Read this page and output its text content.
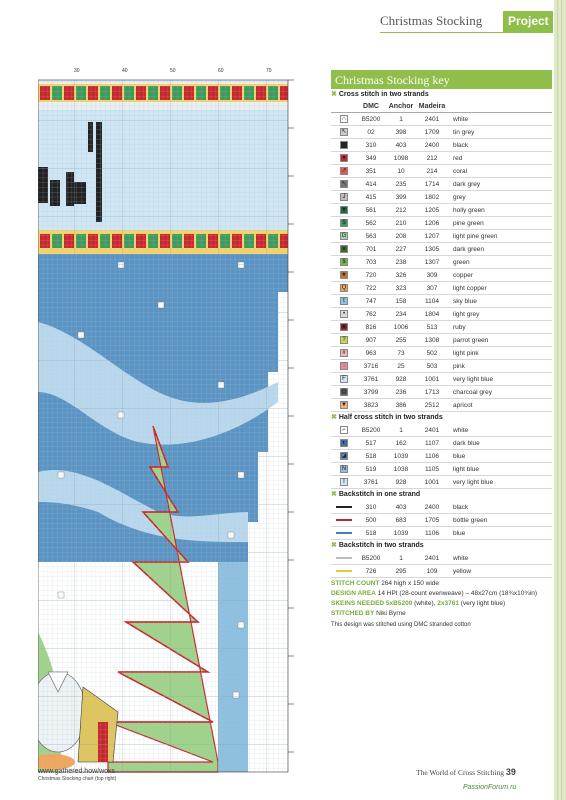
Christmas Stocking	Project
30	40	50	60	70
Christmas Stocking chart (top right)
Christmas Stocking key
✖ Cross stitch in two strands
DMC	Anchor Madeira
∩	B5200	1	2401	white
↖	02	398	1709	tin grey
■	310	403	2400	black
●	349	1098	212	red
↗	351	10	214	coral
↖	414	235	1714	dark grey
J	415	399	1802	grey
▼	561	212	1205	holly green
$	562	210	1206	pine green
G	563	208	1207	light pine green
♦	701	227	1305	dark green
$	703	238	1307	green
★	720	326	309	copper
Q	722	323	307	light copper
t	747	158	1104	sky blue
•	762	234	1804	light grey
▣	816	1006	513	ruby
?	907	255	1308	parrot green
#	963	73	502	light pink
♡	3716	25	503	pink
F	3761	928	1001	very light blue
ʘ	3799	236	1713	charcoal grey
▼	3823	386	2512	apricot
✖ Half cross stitch in two strands
⌐	B5200	1	2401	white
◐	517	162	1107	dark blue
◪	518	1039	1106	blue
N	519	1038	1105	light blue
I	3761	928	1001	very light blue
✖ Backstitch in one strand
310	403	2400	black
500	683	1705	bottle green
518	1039	1106	blue
✖ Backstitch in two strands
B5200	1	2401	white
726	295	109	yellow
STITCH COUNT 264 high x 150 wide
DESIGN AREA 14 HPI (28-count evenweave) – 48x27cm (18¾x10¾in)
SKEINS NEEDED 5xB5200 (white), 2x3761 (very light blue)
STITCHED BY Niki Byrne
This design was stitched using DMC stranded cotton
www.gathered.how/woxs	The World of Cross Stitching 39
PassionForum.ru
